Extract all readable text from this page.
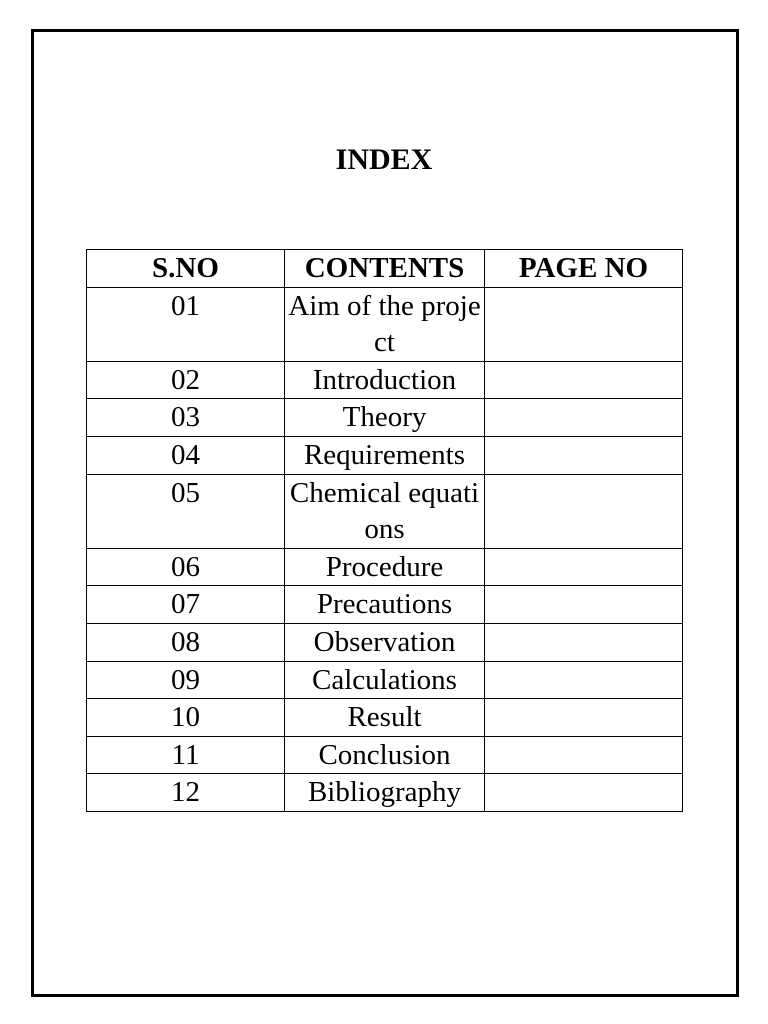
INDEX
S.NO	CONTENTS	PAGE NO
01	Aim of the project	
02	Introduction	
03	Theory	
04	Requirements	
05	Chemical equations	
06	Procedure	
07	Precautions	
08	Observation	
09	Calculations	
10	Result	
11	Conclusion	
12	Bibliography	
